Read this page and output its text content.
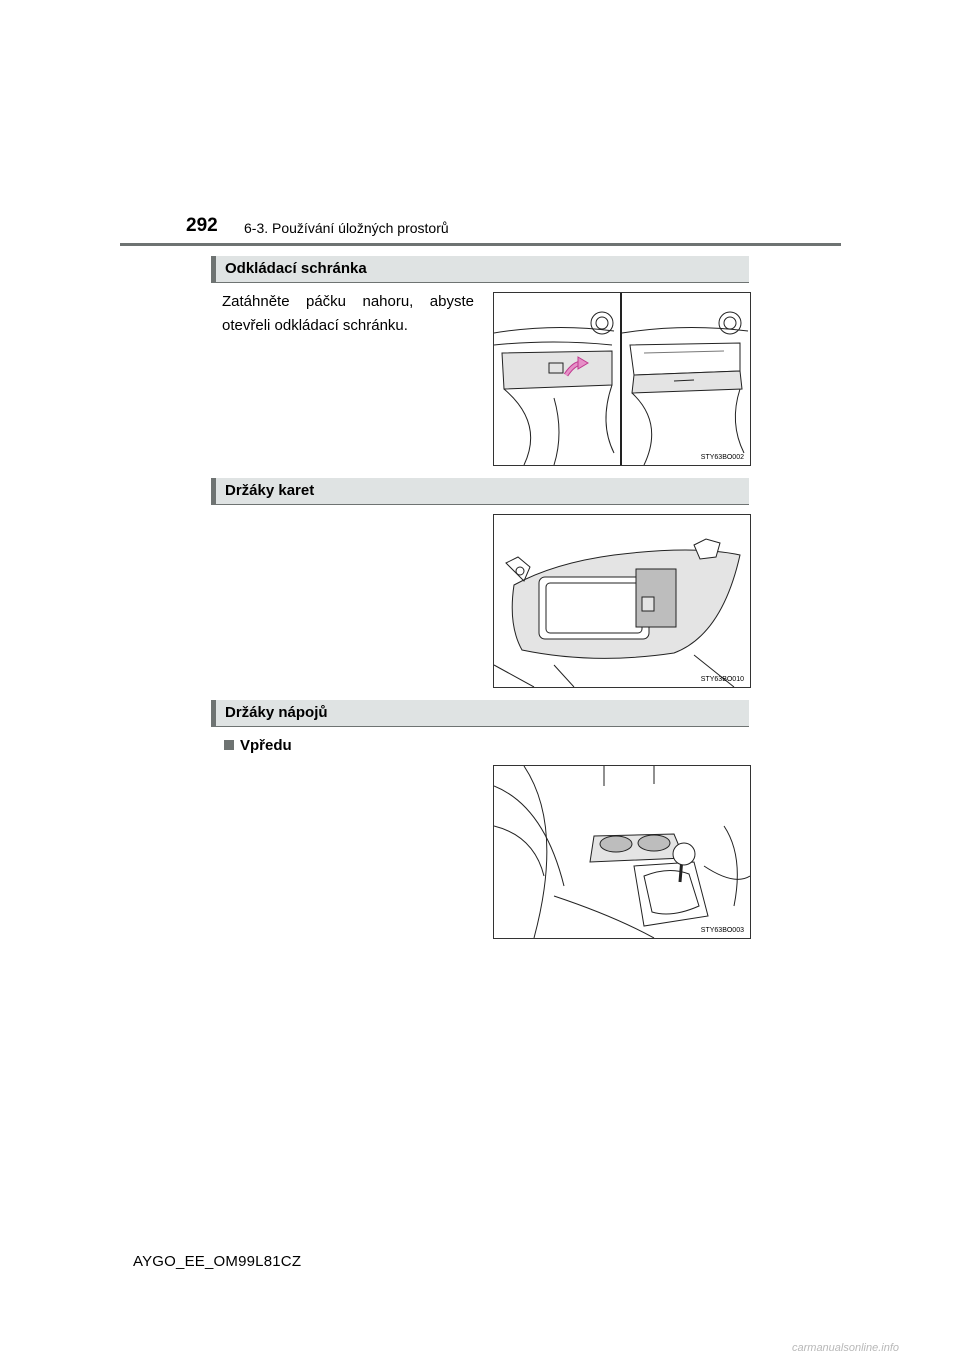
292 6-3. Používání úložných prostorů
Odkládací schránka
Zatáhněte páčku nahoru, abyste otevřeli odkládací schránku.
STY63BO002
Držáky karet
STY63BO010
Držáky nápojů
Vpředu
STY63BO003
AYGO_EE_OM99L81CZ
carmanualsonline.info
